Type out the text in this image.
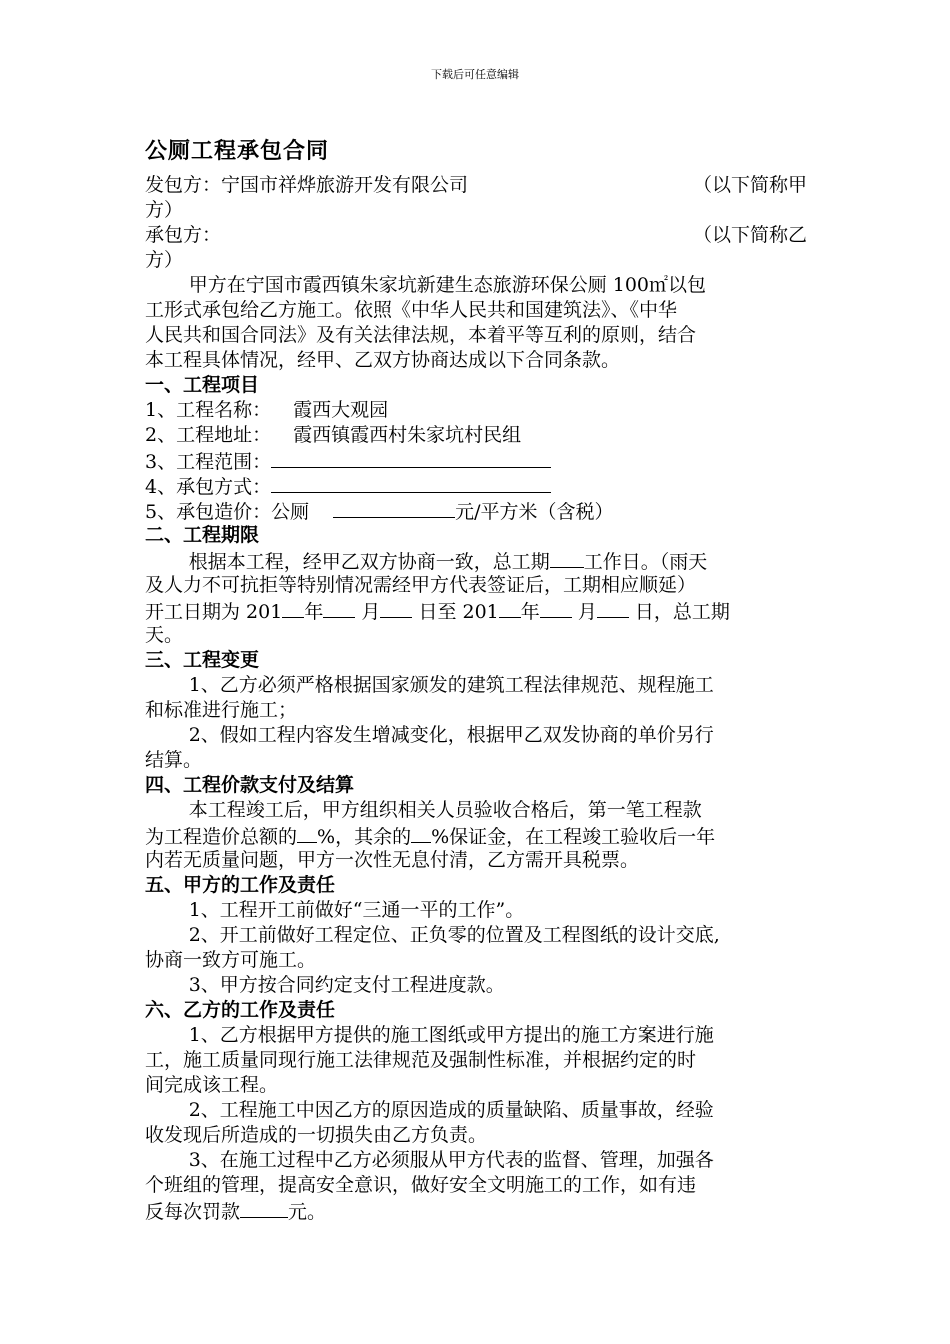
下载后可任意编辑
公厕工程承包合同
发包方：宁国市祥烨旅游开发有限公司	（以下简称甲
方）
承包方：	（以下简称乙
方）
甲方在宁国市霞西镇朱家坑新建生态旅游环保公厕 100㎡以包
工形式承包给乙方施工。依照《中华人民共和国建筑法》、《中华
人民共和国合同法》及有关法律法规，本着平等互利的原则，结合
本工程具体情况，经甲、乙双方协商达成以下合同条款。
一、工程项目
1、工程名称： 霞西大观园
2、工程地址： 霞西镇霞西村朱家坑村民组
3、工程范围：
4、承包方式：
5、承包造价：公厕	元/平方米（含税）
二、工程期限
根据本工程，经甲乙双方协商一致，总工期 工作日。（雨天
及人力不可抗拒等特别情况需经甲方代表签证后，工期相应顺延）
开工日期为 201 年 月 日至 201 年 月 日，总工期
天。
三、工程变更
1、乙方必须严格根据国家颁发的建筑工程法律规范、规程施工
和标准进行施工；
2、假如工程内容发生增减变化，根据甲乙双发协商的单价另行
结算。
四、工程价款支付及结算
本工程竣工后，甲方组织相关人员验收合格后，第一笔工程款
为工程造价总额的 %，其余的 %保证金，在工程竣工验收后一年
内若无质量问题，甲方一次性无息付清，乙方需开具税票。
五、甲方的工作及责任
1、工程开工前做好“三通一平的工作”。
2、开工前做好工程定位、正负零的位置及工程图纸的设计交底,
协商一致方可施工。
3、甲方按合同约定支付工程进度款。
六、乙方的工作及责任
1、乙方根据甲方提供的施工图纸或甲方提出的施工方案进行施
工，施工质量同现行施工法律规范及强制性标准，并根据约定的时
间完成该工程。
2、工程施工中因乙方的原因造成的质量缺陷、质量事故，经验
收发现后所造成的一切损失由乙方负责。
3、在施工过程中乙方必须服从甲方代表的监督、管理，加强各
个班组的管理，提高安全意识，做好安全文明施工的工作，如有违
反每次罚款	元。
